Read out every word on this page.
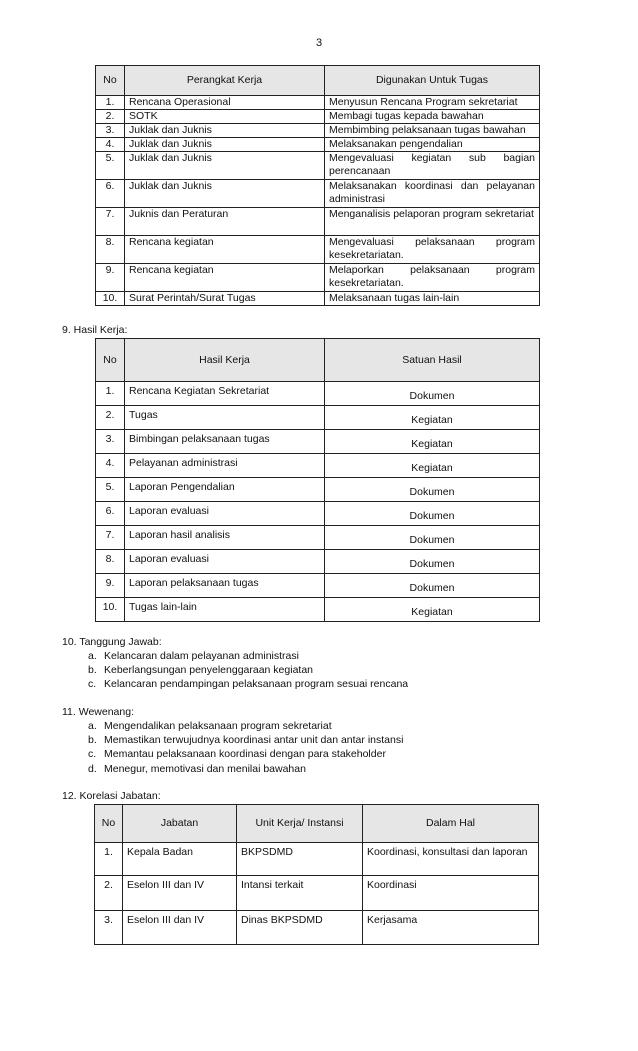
3
No	Perangkat Kerja	Digunakan Untuk Tugas
1.	Rencana Operasional	Menyusun Rencana Program sekretariat
2.	SOTK	Membagi tugas kepada bawahan
3.	Juklak dan Juknis	Membimbing pelaksanaan tugas bawahan
4.	Juklak dan Juknis	Melaksanakan pengendalian
5.	Juklak dan Juknis	Mengevaluasi kegiatan sub bagian perencanaan
6.	Juklak dan Juknis	Melaksanakan koordinasi dan pelayanan administrasi
7.	Juknis dan Peraturan	Menganalisis pelaporan program sekretariat
8.	Rencana kegiatan	Mengevaluasi pelaksanaan program kesekretariatan.
9.	Rencana kegiatan	Melaporkan pelaksanaan program kesekretariatan.
10.	Surat Perintah/Surat Tugas	Melaksanaan tugas lain-lain
9. Hasil Kerja:
No	Hasil Kerja	Satuan Hasil
1.	Rencana Kegiatan Sekretariat	Dokumen
2.	Tugas	Kegiatan
3.	Bimbingan pelaksanaan tugas	Kegiatan
4.	Pelayanan administrasi	Kegiatan
5.	Laporan Pengendalian	Dokumen
6.	Laporan evaluasi	Dokumen
7.	Laporan hasil analisis	Dokumen
8.	Laporan evaluasi	Dokumen
9.	Laporan pelaksanaan tugas	Dokumen
10.	Tugas lain-lain	Kegiatan
10. Tanggung Jawab:
a. Kelancaran dalam pelayanan administrasi
b. Keberlangsungan penyelenggaraan kegiatan
c. Kelancaran pendampingan pelaksanaan program sesuai rencana
11. Wewenang:
a. Mengendalikan pelaksanaan program sekretariat
b. Memastikan terwujudnya koordinasi antar unit dan antar instansi
c. Memantau pelaksanaan koordinasi dengan para stakeholder
d. Menegur, memotivasi dan menilai bawahan
12. Korelasi Jabatan:
No	Jabatan	Unit Kerja/ Instansi	Dalam Hal
1.	Kepala Badan	BKPSDMD	Koordinasi, konsultasi dan laporan
2.	Eselon III dan IV	Intansi terkait	Koordinasi
3.	Eselon III dan IV	Dinas BKPSDMD	Kerjasama
